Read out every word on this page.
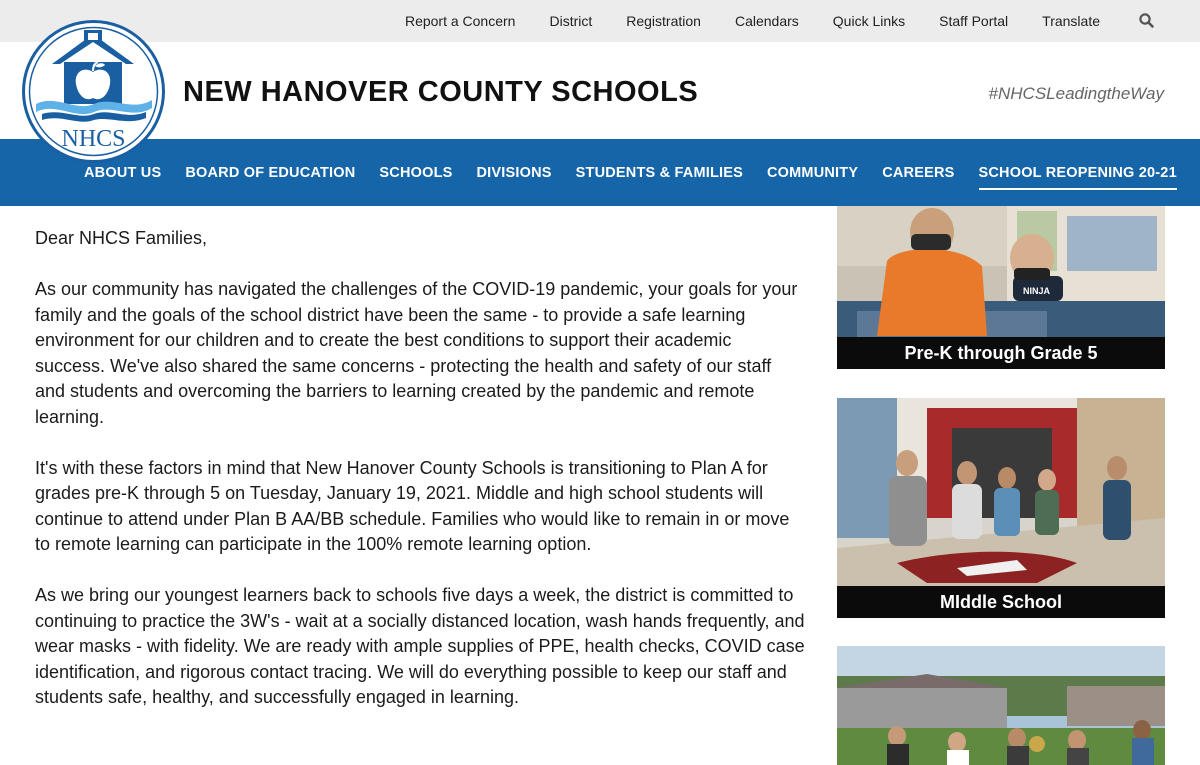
Report a Concern	District	Registration	Calendars	Quick Links	Staff Portal	Translate
NEW HANOVER COUNTY SCHOOLS	#NHCSLeadingtheWay
NHCS
ABOUT US	BOARD OF EDUCATION	SCHOOLS	DIVISIONS	STUDENTS & FAMILIES	COMMUNITY	CAREERS	SCHOOL REOPENING 20-21

Dear NHCS Families,

As our community has navigated the challenges of the COVID-19 pandemic, your goals for your family and the goals of the school district have been the same - to provide a safe learning environment for our children and to create the best conditions to support their academic success. We've also shared the same concerns - protecting the health and safety of our staff and students and overcoming the barriers to learning created by the pandemic and remote learning.

It's with these factors in mind that New Hanover County Schools is transitioning to Plan A for grades pre-K through 5 on Tuesday, January 19, 2021. Middle and high school students will continue to attend under Plan B AA/BB schedule. Families who would like to remain in or move to remote learning can participate in the 100% remote learning option.

As we bring our youngest learners back to schools five days a week, the district is committed to continuing to practice the 3W's - wait at a socially distanced location, wash hands frequently, and wear masks - with fidelity. We are ready with ample supplies of PPE, health checks, COVID case identification, and rigorous contact tracing. We will do everything possible to keep our staff and students safe, healthy, and successfully engaged in learning.

NINJA
Pre-K through Grade 5
MIddle School
